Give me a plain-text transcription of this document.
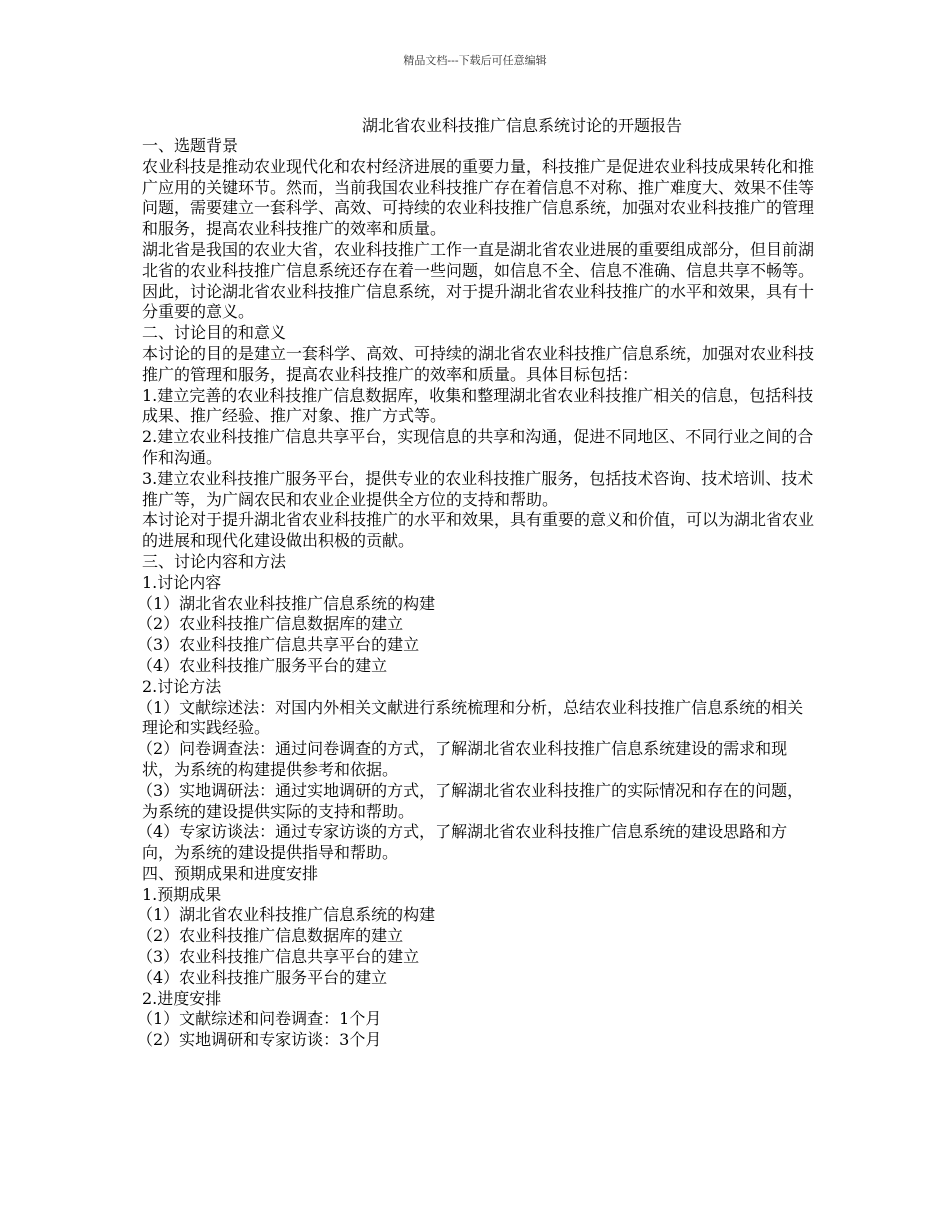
精品文档---下载后可任意编辑
湖北省农业科技推广信息系统讨论的开题报告

一、选题背景

农业科技是推动农业现代化和农村经济进展的重要力量，科技推广是促进农业科技成果转化和推广应用的关键环节。然而，当前我国农业科技推广存在着信息不对称、推广难度大、效果不佳等问题，需要建立一套科学、高效、可持续的农业科技推广信息系统，加强对农业科技推广的管理和服务，提高农业科技推广的效率和质量。

湖北省是我国的农业大省，农业科技推广工作一直是湖北省农业进展的重要组成部分，但目前湖北省的农业科技推广信息系统还存在着一些问题，如信息不全、信息不准确、信息共享不畅等。因此，讨论湖北省农业科技推广信息系统，对于提升湖北省农业科技推广的水平和效果，具有十分重要的意义。

二、讨论目的和意义

本讨论的目的是建立一套科学、高效、可持续的湖北省农业科技推广信息系统，加强对农业科技推广的管理和服务，提高农业科技推广的效率和质量。具体目标包括：

1.建立完善的农业科技推广信息数据库，收集和整理湖北省农业科技推广相关的信息，包括科技成果、推广经验、推广对象、推广方式等。

2.建立农业科技推广信息共享平台，实现信息的共享和沟通，促进不同地区、不同行业之间的合作和沟通。

3.建立农业科技推广服务平台，提供专业的农业科技推广服务，包括技术咨询、技术培训、技术推广等，为广阔农民和农业企业提供全方位的支持和帮助。

本讨论对于提升湖北省农业科技推广的水平和效果，具有重要的意义和价值，可以为湖北省农业的进展和现代化建设做出积极的贡献。

三、讨论内容和方法

1.讨论内容

（1）湖北省农业科技推广信息系统的构建

（2）农业科技推广信息数据库的建立

（3）农业科技推广信息共享平台的建立

（4）农业科技推广服务平台的建立

2.讨论方法

（1）文献综述法：对国内外相关文献进行系统梳理和分析，总结农业科技推广信息系统的相关理论和实践经验。

（2）问卷调查法：通过问卷调查的方式，了解湖北省农业科技推广信息系统建设的需求和现状，为系统的构建提供参考和依据。

（3）实地调研法：通过实地调研的方式，了解湖北省农业科技推广的实际情况和存在的问题，为系统的建设提供实际的支持和帮助。

（4）专家访谈法：通过专家访谈的方式，了解湖北省农业科技推广信息系统的建设思路和方向，为系统的建设提供指导和帮助。

四、预期成果和进度安排

1.预期成果

（1）湖北省农业科技推广信息系统的构建

（2）农业科技推广信息数据库的建立

（3）农业科技推广信息共享平台的建立

（4）农业科技推广服务平台的建立

2.进度安排

（1）文献综述和问卷调查：1个月

（2）实地调研和专家访谈：3个月
